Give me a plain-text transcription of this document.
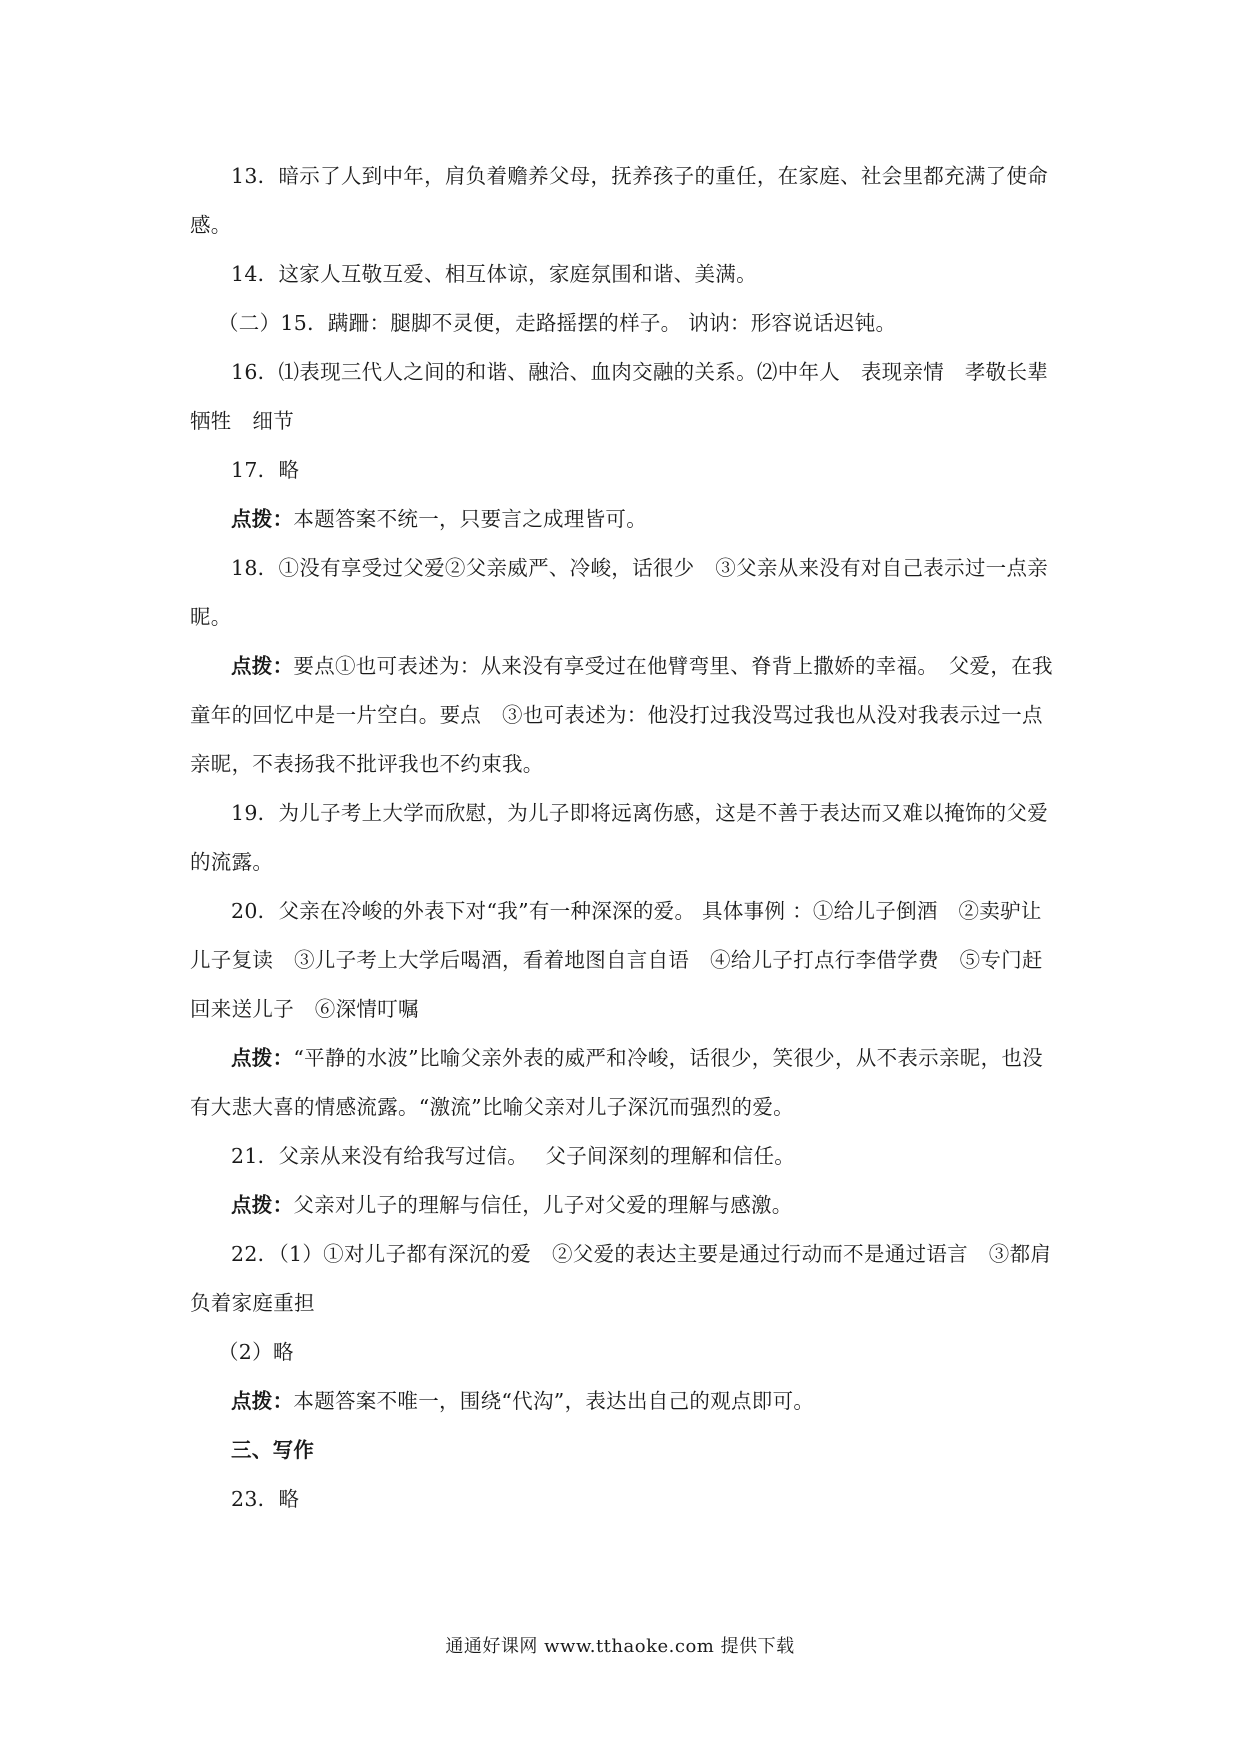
13．暗示了人到中年，肩负着赡养父母，抚养孩子的重任，在家庭、社会里都充满了使命感。

14．这家人互敬互爱、相互体谅，家庭氛围和谐、美满。

（二）15．蹒跚：腿脚不灵便，走路摇摆的样子。 讷讷：形容说话迟钝。

16．⑴表现三代人之间的和谐、融洽、血肉交融的关系。⑵中年人　表现亲情　孝敬长辈　牺牲　细节

17．略

点拨：本题答案不统一，只要言之成理皆可。

18．①没有享受过父爱②父亲威严、冷峻，话很少　③父亲从来没有对自己表示过一点亲昵。

点拨：要点①也可表述为：从来没有享受过在他臂弯里、脊背上撒娇的幸福。　父爱，在我童年的回忆中是一片空白。要点　③也可表述为：他没打过我没骂过我也从没对我表示过一点亲昵，不表扬我不批评我也不约束我。

19．为儿子考上大学而欣慰，为儿子即将远离伤感，这是不善于表达而又难以掩饰的父爱的流露。

20．父亲在冷峻的外表下对“我”有一种深深的爱。 具体事例 ：①给儿子倒酒　②卖驴让儿子复读　③儿子考上大学后喝酒，看着地图自言自语　④给儿子打点行李借学费　⑤专门赶回来送儿子　⑥深情叮嘱

点拨：“平静的水波”比喻父亲外表的威严和冷峻，话很少，笑很少，从不表示亲昵，也没有大悲大喜的情感流露。“激流”比喻父亲对儿子深沉而强烈的爱。

21．父亲从来没有给我写过信。　 父子间深刻的理解和信任。

点拨：父亲对儿子的理解与信任，儿子对父爱的理解与感激。

22．（1）①对儿子都有深沉的爱　②父爱的表达主要是通过行动而不是通过语言　③都肩负着家庭重担

（2）略

点拨：本题答案不唯一，围绕“代沟”，表达出自己的观点即可。

三、写作

23．略

通通好课网 www.tthaoke.com 提供下载
